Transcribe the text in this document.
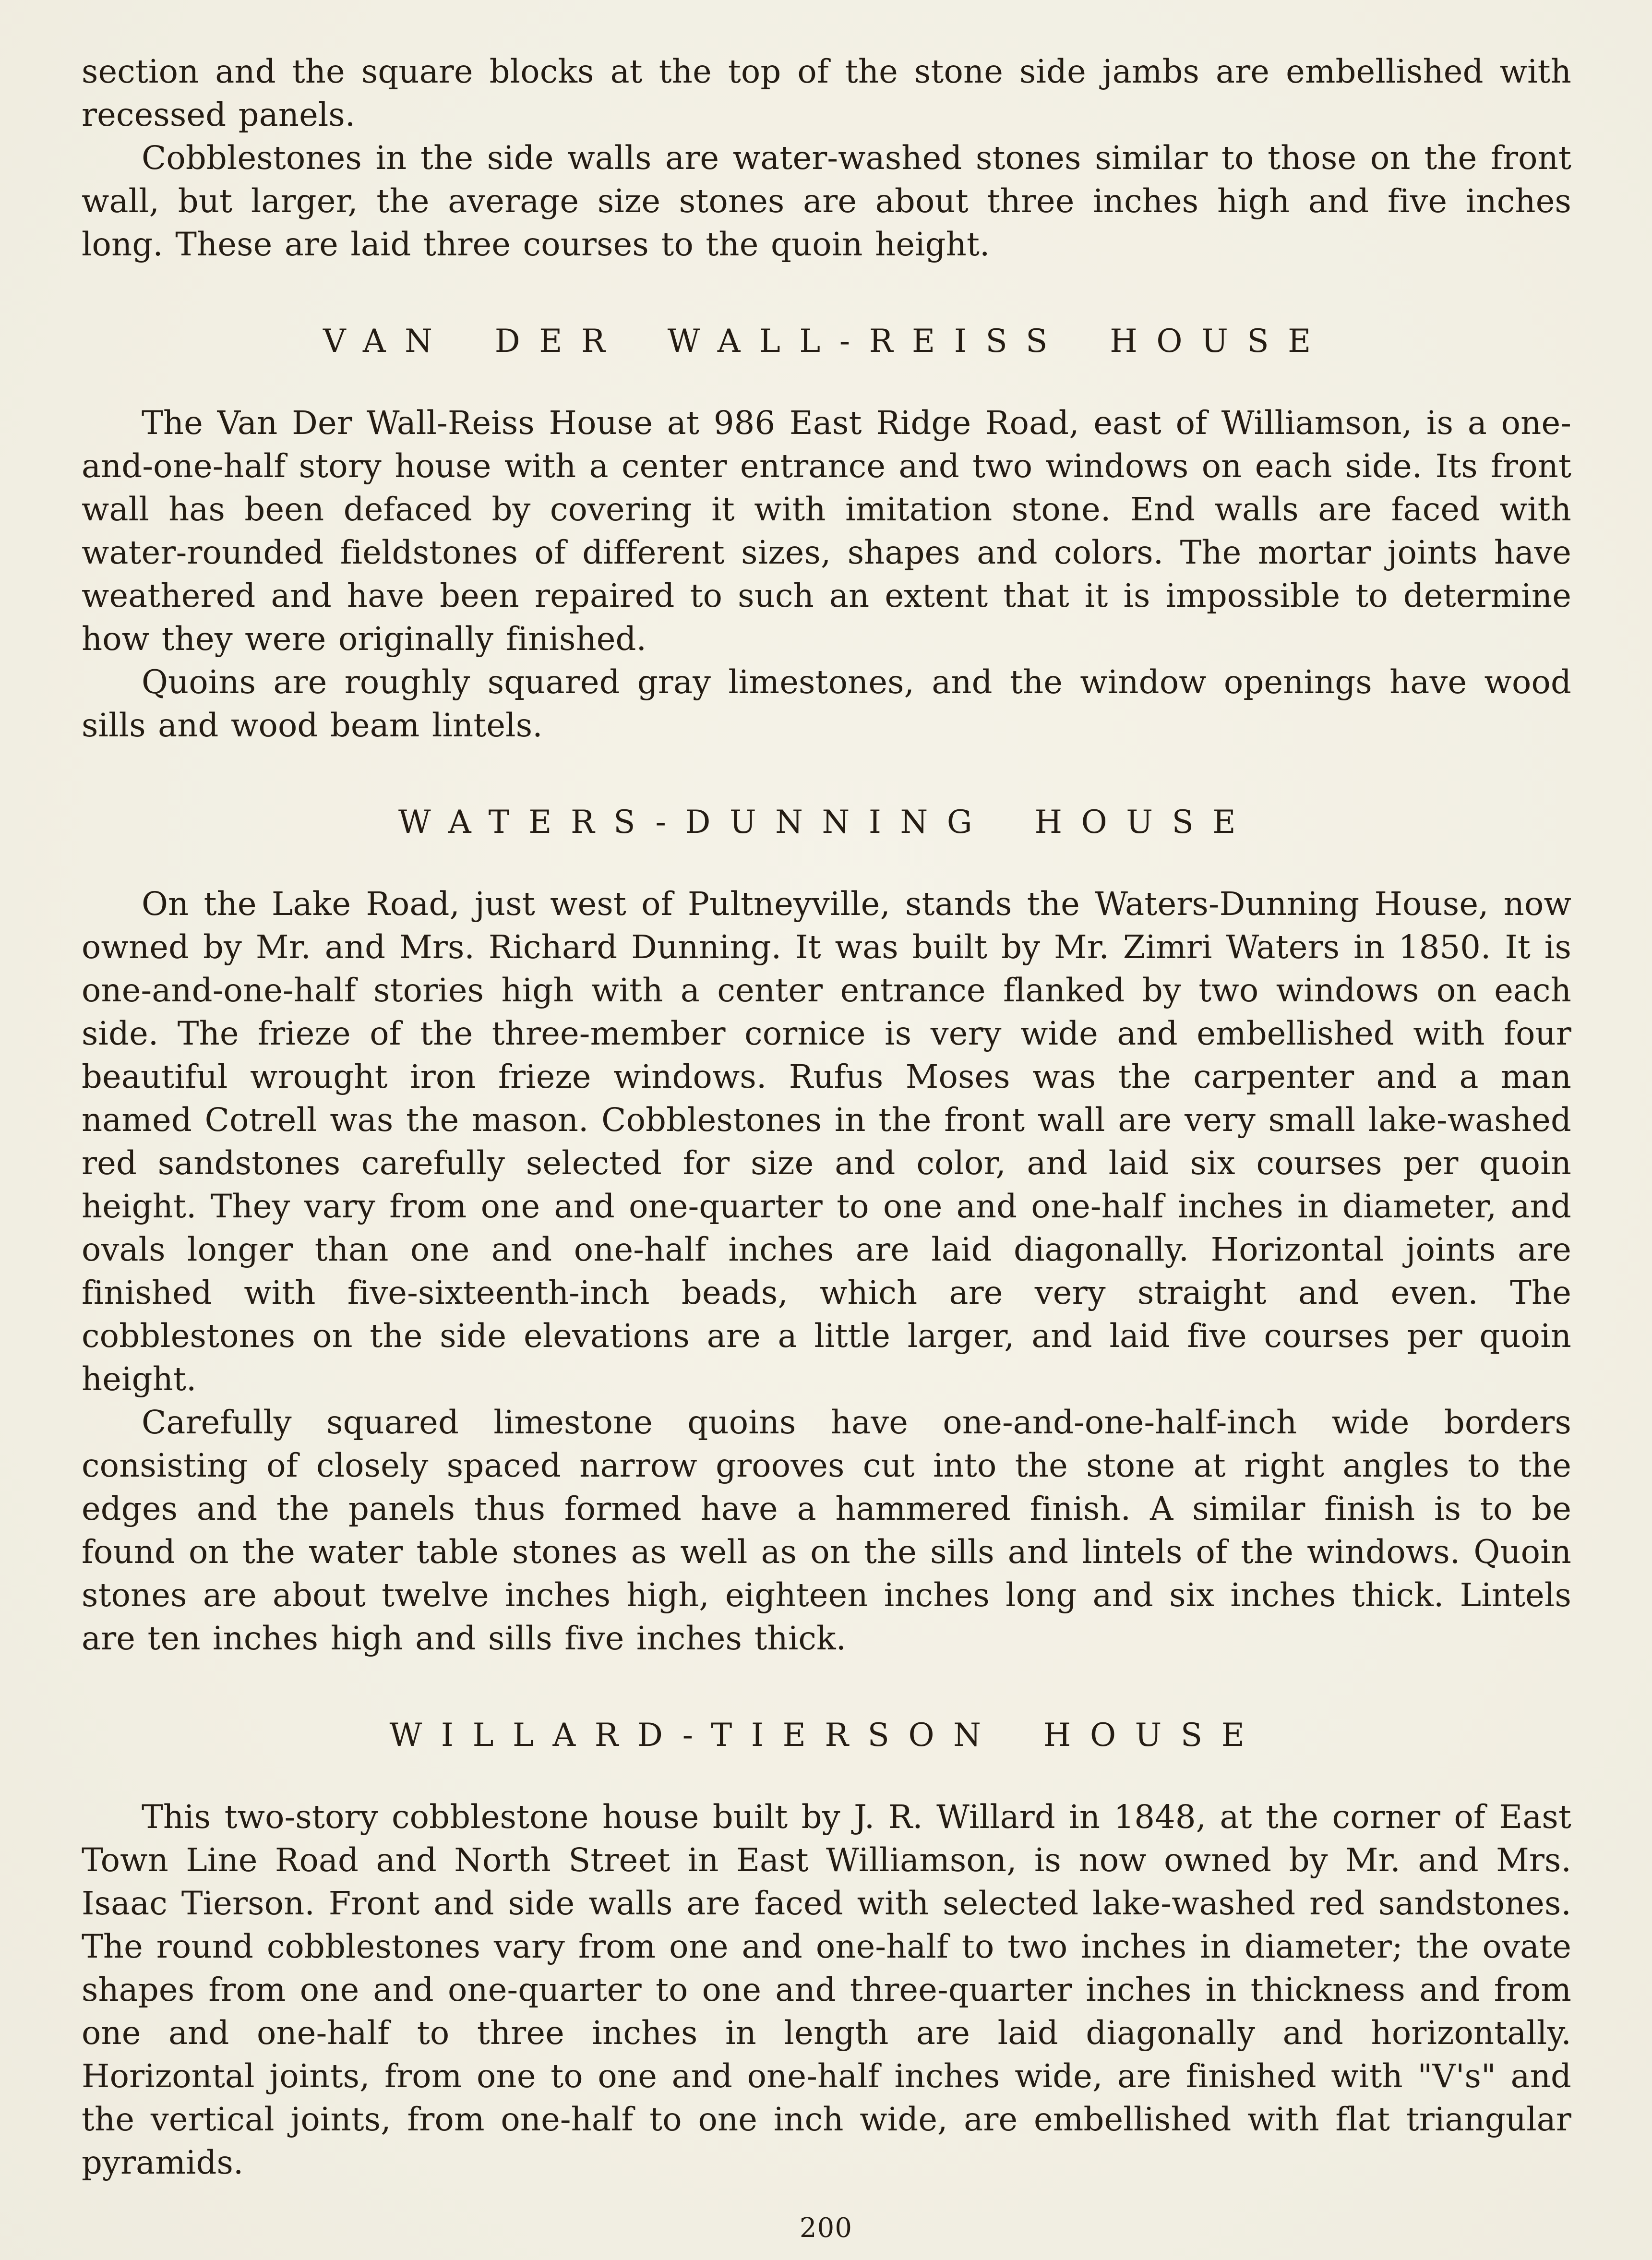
section and the square blocks at the top of the stone side jambs are embellished with recessed panels.

Cobblestones in the side walls are water-washed stones similar to those on the front wall, but larger, the average size stones are about three inches high and five inches long. These are laid three courses to the quoin height.

VAN DER WALL-REISS HOUSE

The Van Der Wall-Reiss House at 986 East Ridge Road, east of Williamson, is a one-and-one-half story house with a center entrance and two windows on each side. Its front wall has been defaced by covering it with imitation stone. End walls are faced with water-rounded fieldstones of different sizes, shapes and colors. The mortar joints have weathered and have been repaired to such an extent that it is impossible to determine how they were originally finished.

Quoins are roughly squared gray limestones, and the window openings have wood sills and wood beam lintels.

WATERS-DUNNING HOUSE

On the Lake Road, just west of Pultneyville, stands the Waters-Dunning House, now owned by Mr. and Mrs. Richard Dunning. It was built by Mr. Zimri Waters in 1850. It is one-and-one-half stories high with a center entrance flanked by two windows on each side. The frieze of the three-member cornice is very wide and embellished with four beautiful wrought iron frieze windows. Rufus Moses was the carpenter and a man named Cotrell was the mason. Cobblestones in the front wall are very small lake-washed red sandstones carefully selected for size and color, and laid six courses per quoin height. They vary from one and one-quarter to one and one-half inches in diameter, and ovals longer than one and one-half inches are laid diagonally. Horizontal joints are finished with five-sixteenth-inch beads, which are very straight and even. The cobblestones on the side elevations are a little larger, and laid five courses per quoin height.

Carefully squared limestone quoins have one-and-one-half-inch wide borders consisting of closely spaced narrow grooves cut into the stone at right angles to the edges and the panels thus formed have a hammered finish. A similar finish is to be found on the water table stones as well as on the sills and lintels of the windows. Quoin stones are about twelve inches high, eighteen inches long and six inches thick. Lintels are ten inches high and sills five inches thick.

WILLARD-TIERSON HOUSE

This two-story cobblestone house built by J. R. Willard in 1848, at the corner of East Town Line Road and North Street in East Williamson, is now owned by Mr. and Mrs. Isaac Tierson. Front and side walls are faced with selected lake-washed red sandstones. The round cobblestones vary from one and one-half to two inches in diameter; the ovate shapes from one and one-quarter to one and three-quarter inches in thickness and from one and one-half to three inches in length are laid diagonally and horizontally. Horizontal joints, from one to one and one-half inches wide, are finished with "V's" and the vertical joints, from one-half to one inch wide, are embellished with flat triangular pyramids.

200
